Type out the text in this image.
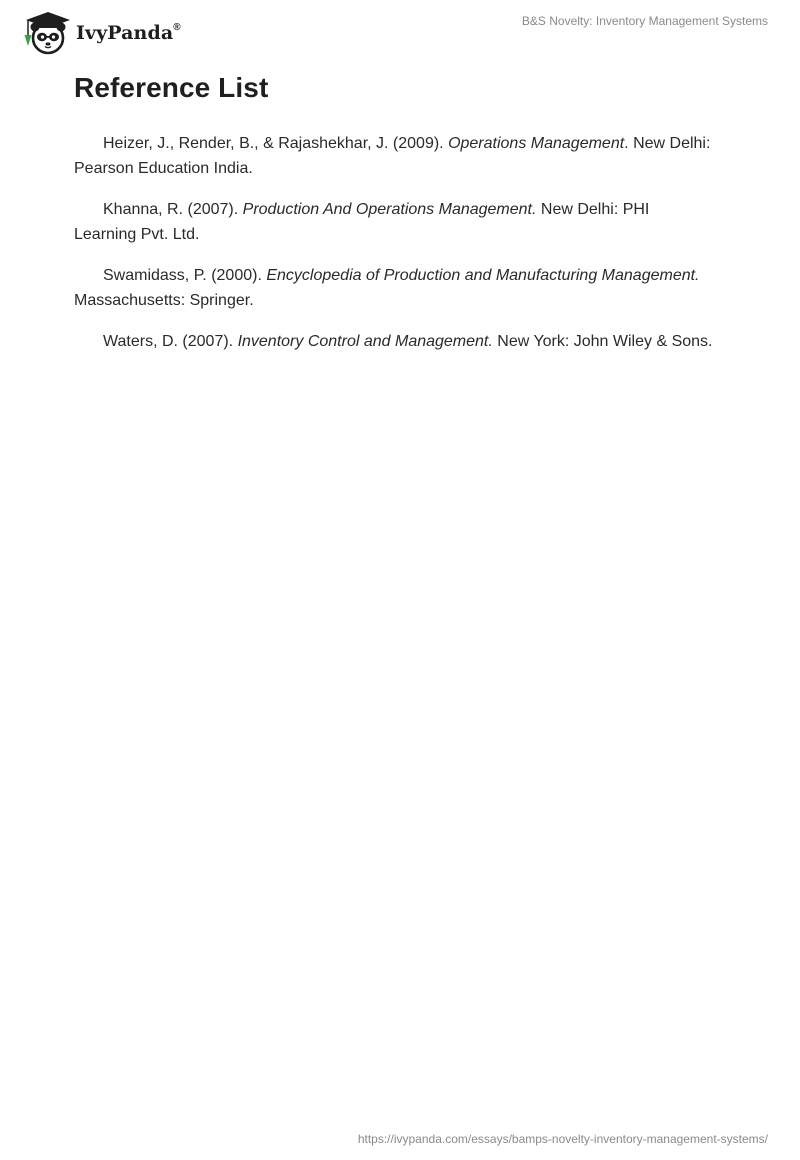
IvyPanda®	B&S Novelty: Inventory Management Systems
Reference List

Heizer, J., Render, B., & Rajashekhar, J. (2009). Operations Management. New Delhi: Pearson Education India.

Khanna, R. (2007). Production And Operations Management. New Delhi: PHI Learning Pvt. Ltd.

Swamidass, P. (2000). Encyclopedia of Production and Manufacturing Management. Massachusetts: Springer.

Waters, D. (2007). Inventory Control and Management. New York: John Wiley & Sons.

https://ivypanda.com/essays/bamps-novelty-inventory-management-systems/
